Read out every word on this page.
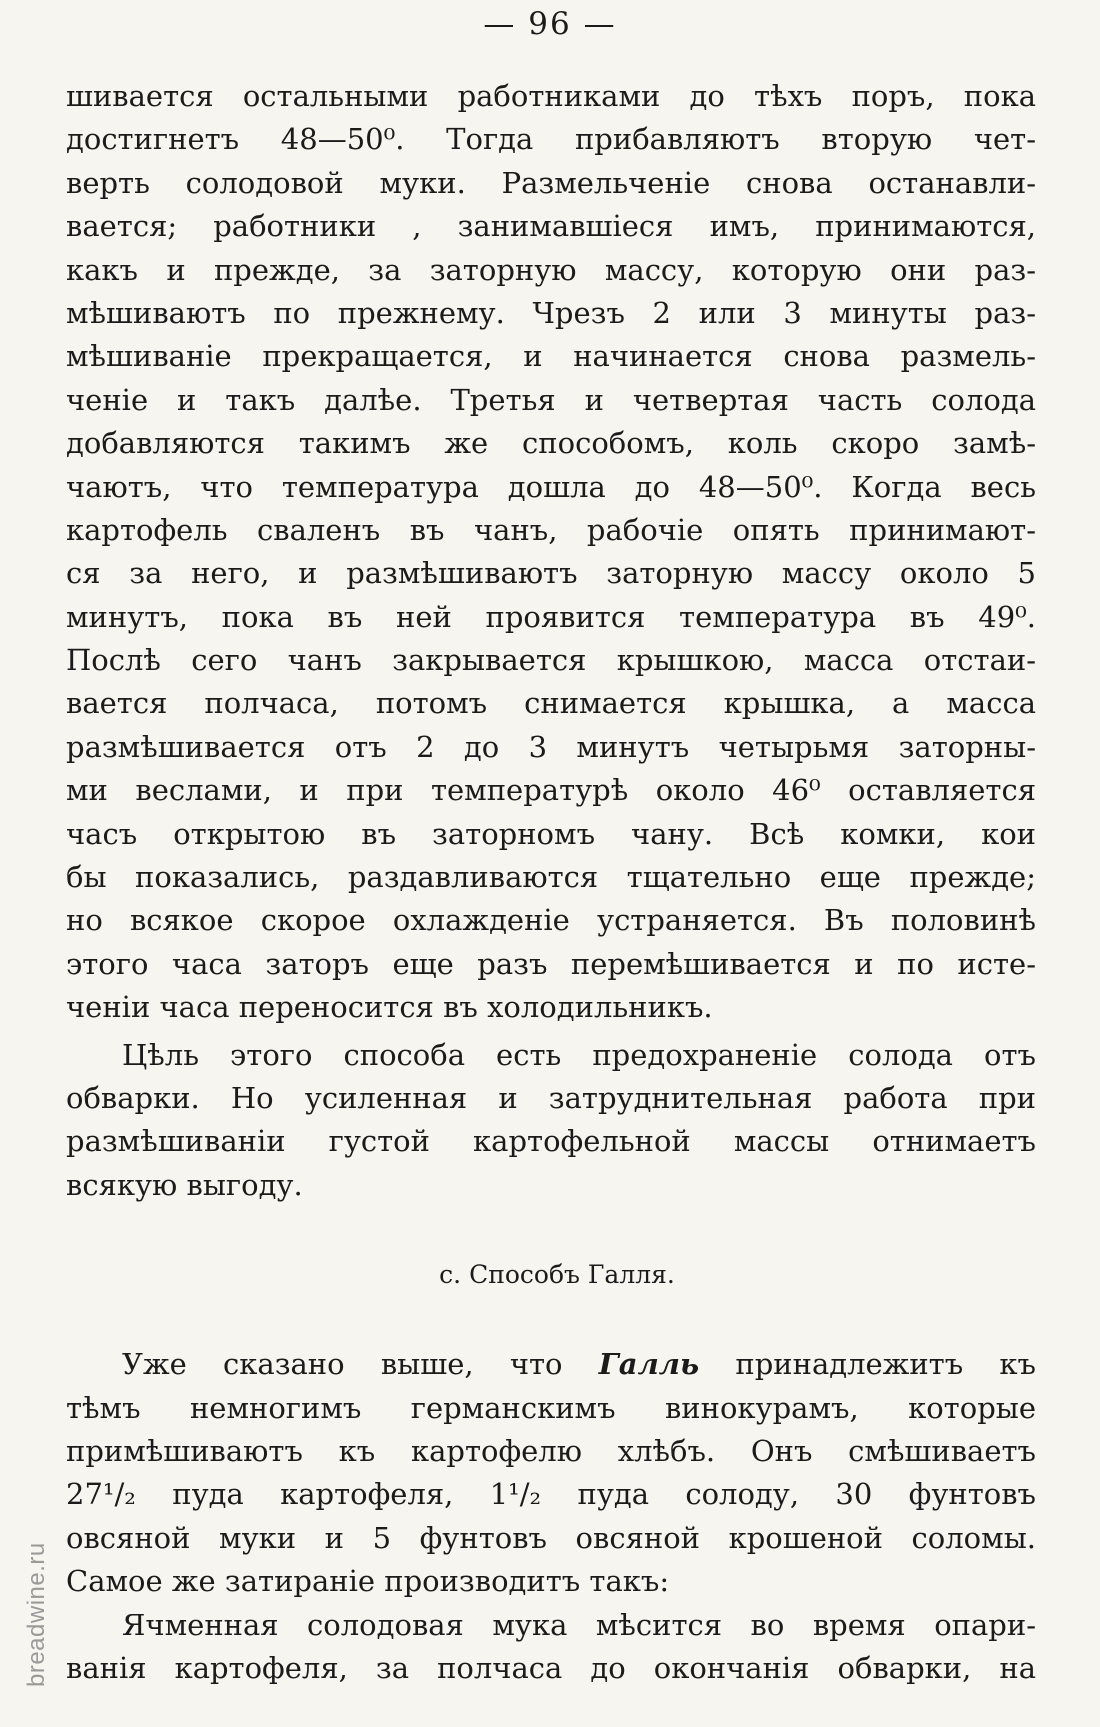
— 96 —
шивается остальными работниками до тѣхъ поръ, пока
достигнетъ 48—50⁰. Тогда прибавляютъ вторую чет-
верть солодовой муки. Размельченіе снова останавли-
вается; работники , занимавшіеся имъ, принимаются,
какъ и прежде, за заторную массу, которую они раз-
мѣшиваютъ по прежнему. Чрезъ 2 или 3 минуты раз-
мѣшиваніе прекращается, и начинается снова размель-
ченіе и такъ далѣе. Третья и четвертая часть солода
добавляются такимъ же способомъ, коль скоро замѣ-
чаютъ, что температура дошла до 48—50⁰. Когда весь
картофель сваленъ въ чанъ, рабочіе опять принимают-
ся за него, и размѣшиваютъ заторную массу около 5
минутъ, пока въ ней проявится температура въ 49⁰.
Послѣ сего чанъ закрывается крышкою, масса отстаи-
вается полчаса, потомъ снимается крышка, а масса
размѣшивается отъ 2 до 3 минутъ четырьмя заторны-
ми веслами, и при температурѣ около 46⁰ оставляется
часъ открытою въ заторномъ чану. Всѣ комки, кои
бы показались, раздавливаются тщательно еще прежде;
но всякое скорое охлажденіе устраняется. Въ половинѣ
этого часа заторъ еще разъ перемѣшивается и по исте-
ченіи часа переносится въ холодильникъ.
Цѣль этого способа есть предохраненіе солода отъ
обварки. Но усиленная и затруднительная работа при
размѣшиваніи густой картофельной массы отнимаетъ
всякую выгоду.
c. Способъ Галля.
Уже сказано выше, что Галль принадлежитъ къ
тѣмъ немногимъ германскимъ винокурамъ, которые
примѣшиваютъ къ картофелю хлѣбъ. Онъ смѣшиваетъ
27¹/₂ пуда картофеля, 1¹/₂ пуда солоду, 30 фунтовъ
овсяной муки и 5 фунтовъ овсяной крошеной соломы.
Самое же затираніе производитъ такъ:
Ячменная солодовая мука мѣсится во время опари-
ванія картофеля, за полчаса до окончанія обварки, на
breadwine.ru
